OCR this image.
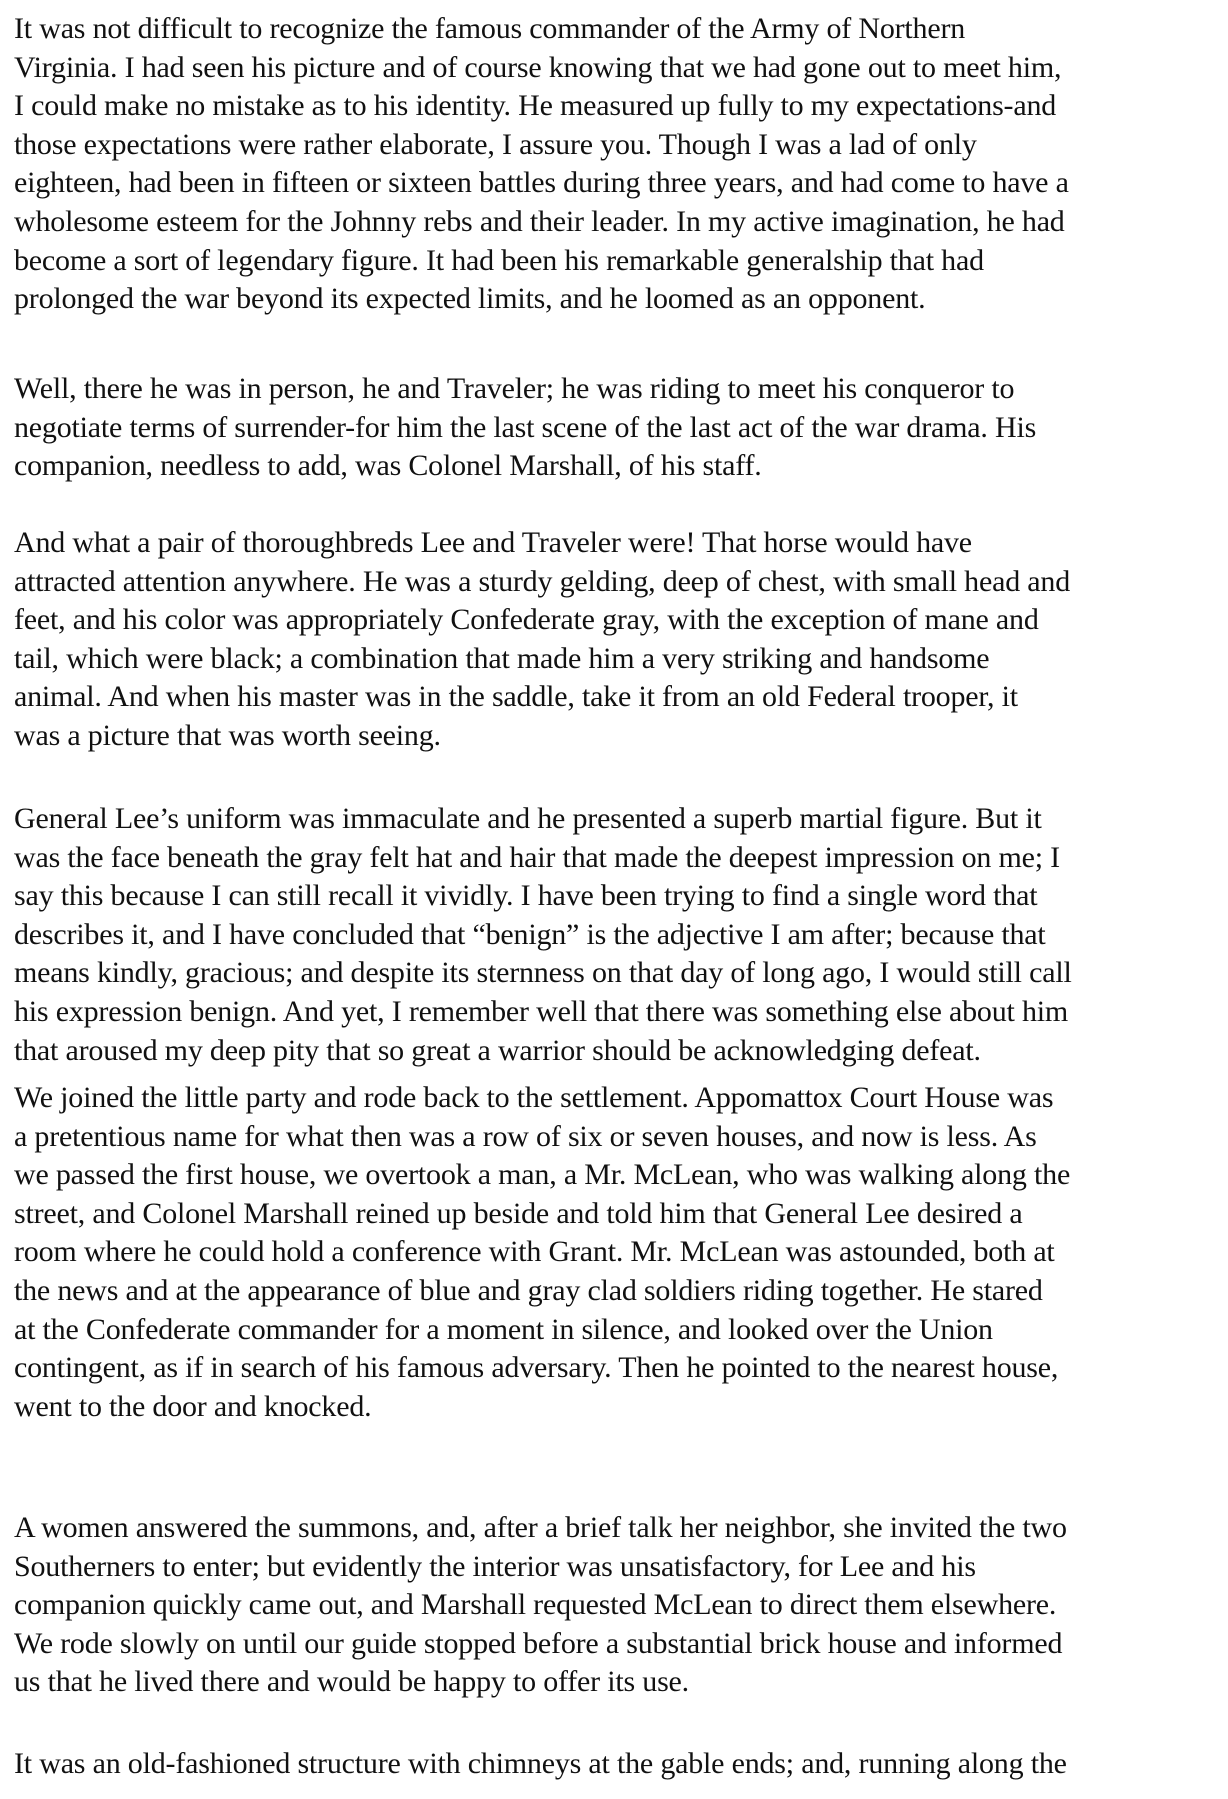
It was not difficult to recognize the famous commander of the Army of Northern
Virginia. I had seen his picture and of course knowing that we had gone out to meet him,
I could make no mistake as to his identity. He measured up fully to my expectations-and
those expectations were rather elaborate, I assure you. Though I was a lad of only
eighteen, had been in fifteen or sixteen battles during three years, and had come to have a
wholesome esteem for the Johnny rebs and their leader. In my active imagination, he had
become a sort of legendary figure. It had been his remarkable generalship that had
prolonged the war beyond its expected limits, and he loomed as an opponent.

Well, there he was in person, he and Traveler; he was riding to meet his conqueror to
negotiate terms of surrender-for him the last scene of the last act of the war drama. His
companion, needless to add, was Colonel Marshall, of his staff.

And what a pair of thoroughbreds Lee and Traveler were! That horse would have
attracted attention anywhere. He was a sturdy gelding, deep of chest, with small head and
feet, and his color was appropriately Confederate gray, with the exception of mane and
tail, which were black; a combination that made him a very striking and handsome
animal. And when his master was in the saddle, take it from an old Federal trooper, it
was a picture that was worth seeing.

General Lee’s uniform was immaculate and he presented a superb martial figure. But it
was the face beneath the gray felt hat and hair that made the deepest impression on me; I
say this because I can still recall it vividly. I have been trying to find a single word that
describes it, and I have concluded that “benign” is the adjective I am after; because that
means kindly, gracious; and despite its sternness on that day of long ago, I would still call
his expression benign. And yet, I remember well that there was something else about him
that aroused my deep pity that so great a warrior should be acknowledging defeat.

We joined the little party and rode back to the settlement. Appomattox Court House was
a pretentious name for what then was a row of six or seven houses, and now is less. As
we passed the first house, we overtook a man, a Mr. McLean, who was walking along the
street, and Colonel Marshall reined up beside and told him that General Lee desired a
room where he could hold a conference with Grant. Mr. McLean was astounded, both at
the news and at the appearance of blue and gray clad soldiers riding together. He stared
at the Confederate commander for a moment in silence, and looked over the Union
contingent, as if in search of his famous adversary. Then he pointed to the nearest house,
went to the door and knocked.

A women answered the summons, and, after a brief talk her neighbor, she invited the two
Southerners to enter; but evidently the interior was unsatisfactory, for Lee and his
companion quickly came out, and Marshall requested McLean to direct them elsewhere.
We rode slowly on until our guide stopped before a substantial brick house and informed
us that he lived there and would be happy to offer its use.

It was an old-fashioned structure with chimneys at the gable ends; and, running along the
